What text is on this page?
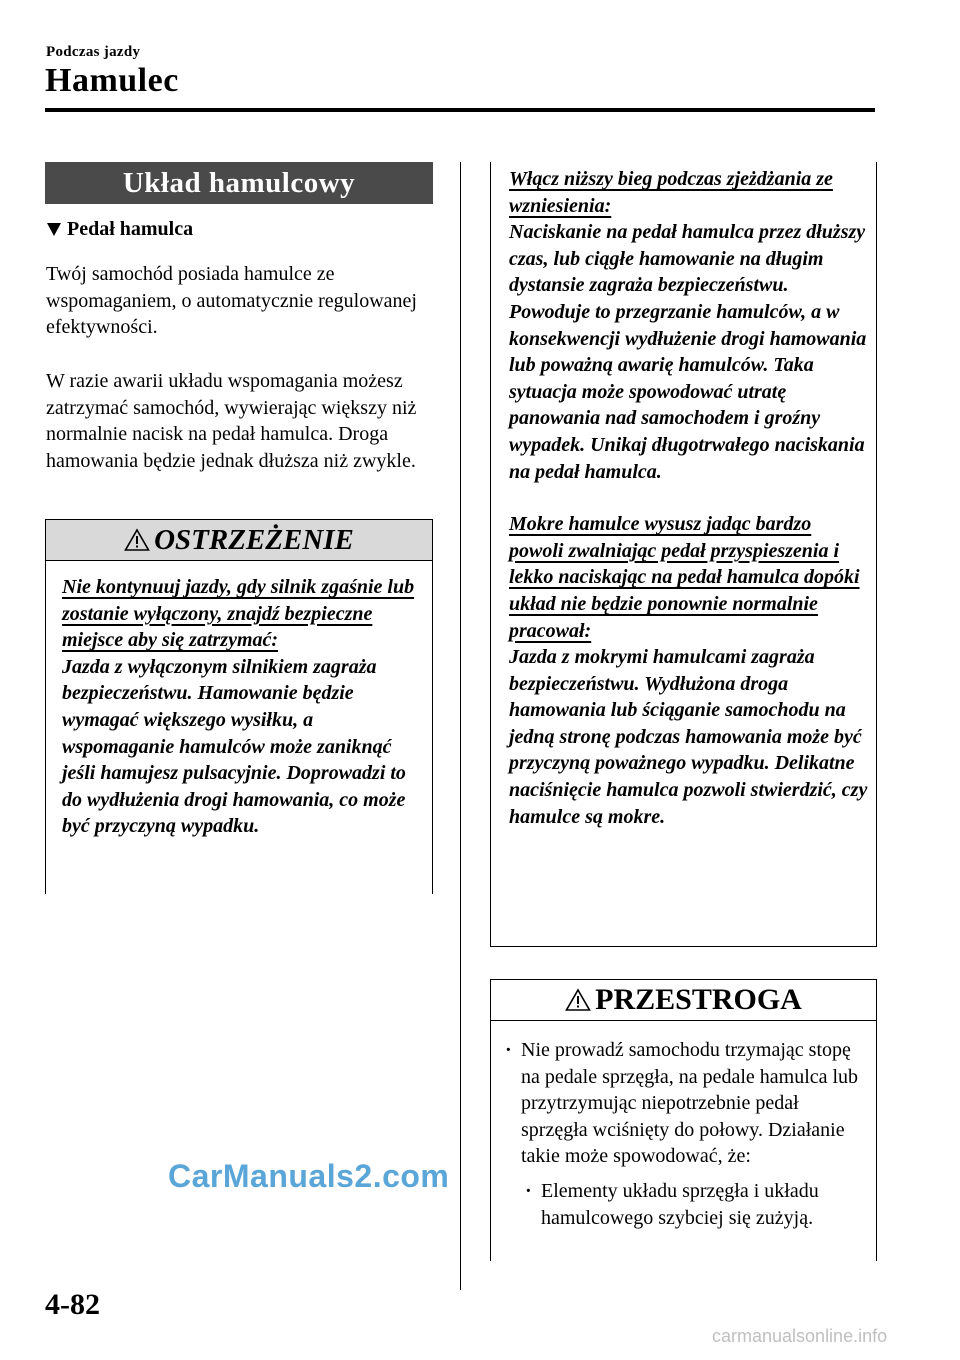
Podczas jazdy
Hamulec
Układ hamulcowy
Pedał hamulca
Twój samochód posiada hamulce ze wspomaganiem, o automatycznie regulowanej efektywności.
W razie awarii układu wspomagania możesz zatrzymać samochód, wywierając większy niż normalnie nacisk na pedał hamulca. Droga hamowania będzie jednak dłuższa niż zwykle.
OSTRZEŻENIE
Nie kontynuuj jazdy, gdy silnik zgaśnie lub zostanie wyłączony, znajdź bezpieczne miejsce aby się zatrzymać:
Jazda z wyłączonym silnikiem zagraża bezpieczeństwu. Hamowanie będzie wymagać większego wysiłku, a wspomaganie hamulców może zaniknąć jeśli hamujesz pulsacyjnie. Doprowadzi to do wydłużenia drogi hamowania, co może być przyczyną wypadku.
Włącz niższy bieg podczas zjeżdżania ze wzniesienia:
Naciskanie na pedał hamulca przez dłuższy czas, lub ciągłe hamowanie na długim dystansie zagraża bezpieczeństwu. Powoduje to przegrzanie hamulców, a w konsekwencji wydłużenie drogi hamowania lub poważną awarię hamulców. Taka sytuacja może spowodować utratę panowania nad samochodem i groźny wypadek. Unikaj długotrwałego naciskania na pedał hamulca.
Mokre hamulce wysusz jadąc bardzo powoli zwalniając pedał przyspieszenia i lekko naciskając na pedał hamulca dopóki układ nie będzie ponownie normalnie pracował:
Jazda z mokrymi hamulcami zagraża bezpieczeństwu. Wydłużona droga hamowania lub ściąganie samochodu na jedną stronę podczas hamowania może być przyczyną poważnego wypadku. Delikatne naciśnięcie hamulca pozwoli stwierdzić, czy hamulce są mokre.
PRZESTROGA
· Nie prowadź samochodu trzymając stopę na pedale sprzęgła, na pedale hamulca lub przytrzymując niepotrzebnie pedał sprzęgła wciśnięty do połowy. Działanie takie może spowodować, że:
· Elementy układu sprzęgła i układu hamulcowego szybciej się zużyją.
CarManuals2.com
4-82
carmanualsonline.info
